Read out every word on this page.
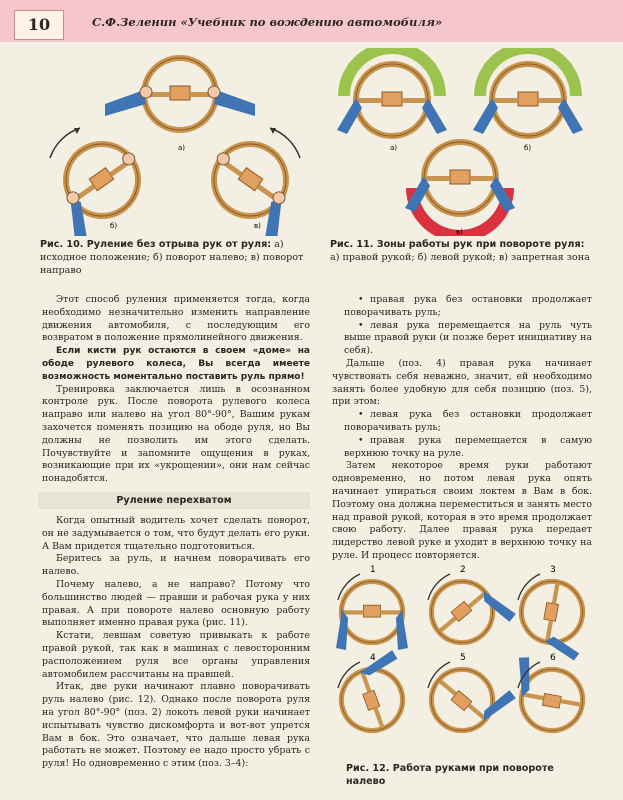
10	С.Ф.Зеленин «Учебник по вождению автомобиля»
а)
б)	в)
Рис. 10. Руление без отрыва рук от руля: а) исходное положение; б) поворот налево; в) поворот направо
а)	б)
в)
Рис. 11. Зоны работы рук при повороте руля: а) правой рукой; б) левой рукой; в) запретная зона

Этот способ руления применяется тогда, когда необходимо незначительно изменить направление движения автомобиля, с последующим его возвратом в положение прямолинейного движения.

Если кисти рук остаются в своем «доме» на ободе рулевого колеса, Вы всегда имеете возможность моментально поставить руль прямо!

Тренировка заключается лишь в осознанном контроле рук. После поворота рулевого колеса направо или налево на угол 80°-90°, Вашим рукам захочется поменять позицию на ободе руля, но Вы должны не позволить им этого сделать. Почувствуйте и запомните ощущения в руках, возникающие при их «укрощении», они нам сейчас понадобятся.

Руление перехватом

Когда опытный водитель хочет сделать поворот, он не задумывается о том, что будут делать его руки. А Вам придется тщательно подготовиться.

Беритесь за руль, и начнем поворачивать его налево.

Почему налево, а не направо? Потому что большинство людей — правши и рабочая рука у них правая. А при повороте налево основную работу выполняет именно правая рука (рис. 11).

Кстати, левшам советую привыкать к работе правой рукой, так как в машинах с левосторонним расположением руля все органы управления автомобилем рассчитаны на правшей.

Итак, две руки начинают плавно поворачивать руль налево (рис. 12). Однако после поворота руля на угол 80°-90° (поз. 2) локоть левой руки начинает испытывать чувство дискомфорта и вот-вот упрется Вам в бок. Это означает, что дальше левая рука работать не может. Поэтому ее надо просто убрать с руля! Но одновременно с этим (поз. 3–4):

• правая рука без остановки продолжает поворачивать руль;

• левая рука перемещается на руль чуть выше правой руки (и позже берет инициативу на себя).

Дальше (поз. 4) правая рука начинает чувствовать себя неважно, значит, ей необходимо занять более удобную для себя позицию (поз. 5), при этом:

• левая рука без остановки продолжает поворачивать руль;

• правая рука перемещается в самую верхнюю точку на руле.

Затем некоторое время руки работают одновременно, но потом левая рука опять начинает упираться своим локтем в Вам в бок. Поэтому она должна переместиться и занять место над правой рукой, которая в это время продолжает свою работу. Далее правая рука передает лидерство левой руке и уходит в верхнюю точку на руле. И процесс повторяется.

1	2	3
4	5	6
Рис. 12. Работа руками при повороте налево
